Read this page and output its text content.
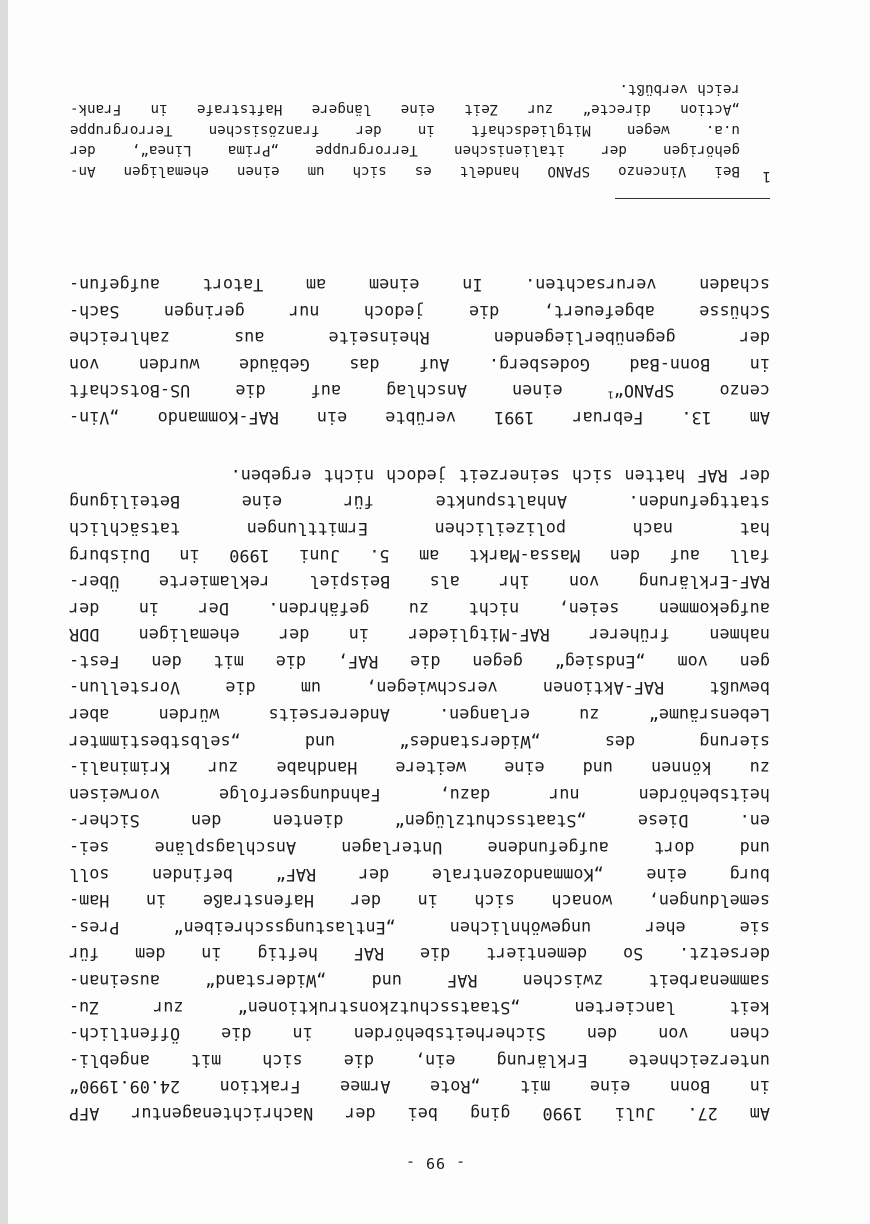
- 99 -
Am 27. Juli 1990 ging bei der Nachrichtenagentur AFP
in Bonn eine mit „Rote Armee Fraktion 24.09.1990“
unterzeichnete Erklärung ein, die sich mit angebli-
chen von den Sicherheitsbehörden in die Öffentlich-
keit lancierten „Staatsschutzkonstruktionen“ zur Zu-
sammenarbeit zwischen RAF und „Widerstand“ auseinan-
dersetzt. So dementiert die RAF heftig in dem für
sie eher ungewöhnlichen „Entlastungsschreiben“ Pres-
semeldungen, wonach sich in der Hafenstraße in Ham-
burg eine „Kommandozentrale der RAF“ befinden soll
und dort aufgefundene Unterlagen Anschlagspläne sei-
en. Diese „Staatsschutzlügen“ dienten den Sicher-
heitsbehörden nur dazu, Fahndungserfolge vorweisen
zu können und eine weitere Handhabe zur Kriminali-
sierung des „Widerstandes“ und „selbstbestimmter
Lebensräume“ zu erlangen. Andererseits würden aber
bewußt RAF-Aktionen verschwiegen, um die Vorstellun-
gen vom „Endsieg“ gegen die RAF, die mit den Fest-
nahmen früherer RAF-Mitglieder in der ehemaligen DDR
aufgekommen seien, nicht zu gefährden. Der in der
RAF-Erklärung von ihr als Beispiel reklamierte Über-
fall auf den Massa-Markt am 5. Juni 1990 in Duisburg
hat nach polizeilichen Ermittlungen tatsächlich
stattgefunden. Anhaltspunkte für eine Beteiligung
der RAF hatten sich seinerzeit jedoch nicht ergeben.
Am 13. Februar 1991 verübte ein RAF-Kommando „Vin-
cenzo SPANO“$^1$ einen Anschlag auf die US-Botschaft
in Bonn-Bad Godesberg. Auf das Gebäude wurden von
der gegenüberliegenden Rheinseite aus zahlreiche
Schüsse abgefeuert, die jedoch nur geringen Sach-
schaden verursachten. In einem am Tatort aufgefun-
1
Bei Vincenzo SPANO handelt es sich um einen ehemaligen An-
gehörigen der italienischen Terrorgruppe „Prima Linea“, der
u.a. wegen Mitgliedschaft in der französischen Terrorgruppe
„Action directe“ zur Zeit eine längere Haftstrafe in Frank-
reich verbüßt.
